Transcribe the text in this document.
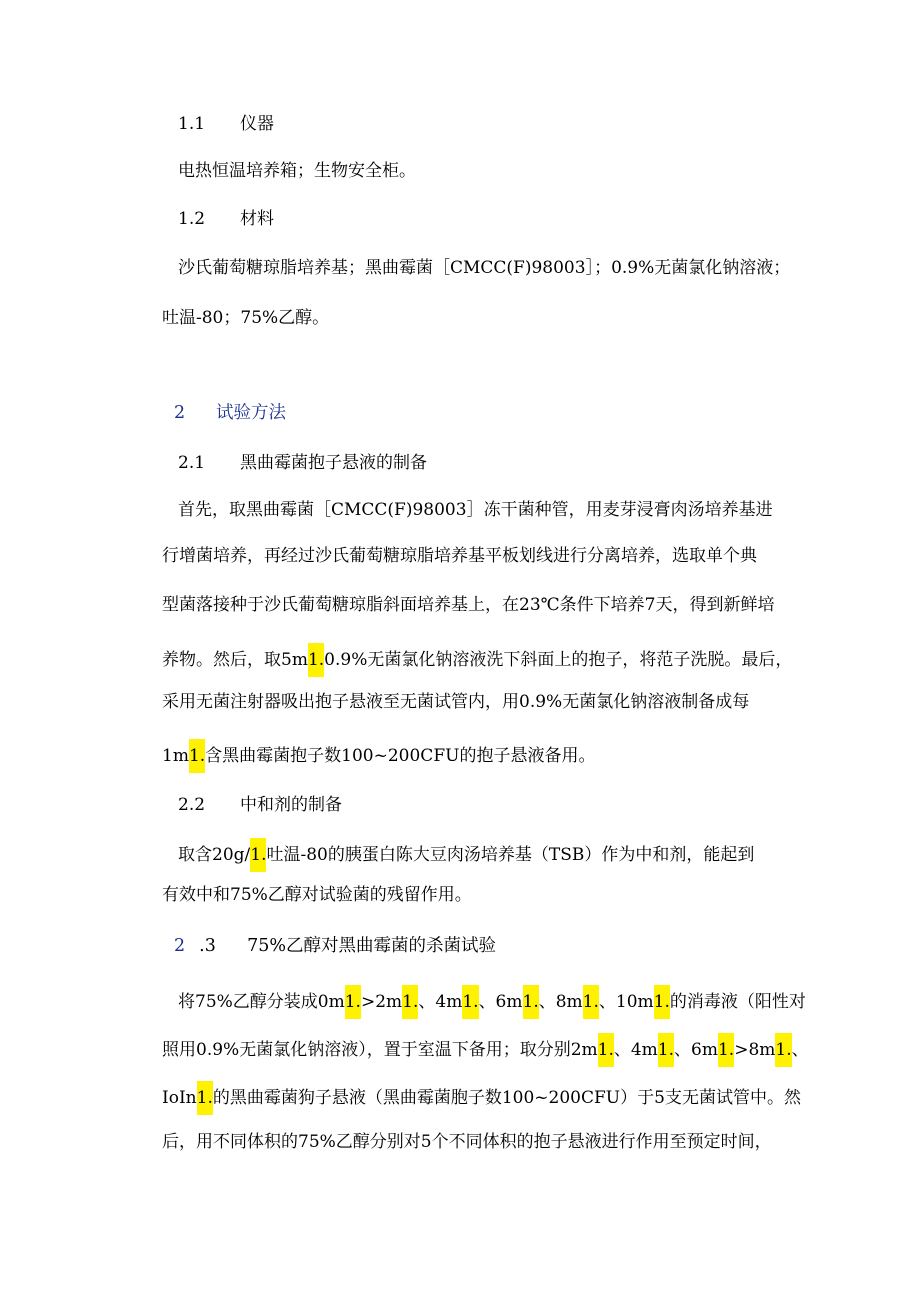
1.1 仪器

电热恒温培养箱；生物安全柜。

1.2 材料

沙氏葡萄糖琼脂培养基；黑曲霉菌［CMCC(F)98003］；0.9%无菌氯化钠溶液；

吐温-80；75%乙醇。

2 试验方法

2.1 黑曲霉菌抱子悬液的制备

首先，取黑曲霉菌［CMCC(F)98003］冻干菌种管，用麦芽浸膏肉汤培养基进

行增菌培养，再经过沙氏葡萄糖琼脂培养基平板划线进行分离培养，选取单个典

型菌落接种于沙氏葡萄糖琼脂斜面培养基上，在23℃条件下培养7天，得到新鲜培

养物。然后，取5m1.0.9%无菌氯化钠溶液洗下斜面上的抱子，将范子洗脱。最后，

采用无菌注射器吸出抱子悬液至无菌试管内，用0.9%无菌氯化钠溶液制备成每

1m1.含黑曲霉菌抱子数100~200CFU的抱子悬液备用。

2.2 中和剂的制备

取含20g/1.吐温-80的胰蛋白陈大豆肉汤培养基（TSB）作为中和剂，能起到

有效中和75%乙醇对试验菌的残留作用。

2 .3 75%乙醇对黑曲霉菌的杀菌试验

将75%乙醇分装成0m1.>2m1.、4m1.、6m1.、8m1.、10m1.的消毒液（阳性对

照用0.9%无菌氯化钠溶液），置于室温下备用；取分别2m1.、4m1.、6m1.>8m1.、

IoIn1.的黑曲霉菌狗子悬液（黑曲霉菌胞子数100~200CFU）于5支无菌试管中。然

后，用不同体积的75%乙醇分别对5个不同体积的抱子悬液进行作用至预定时间，
